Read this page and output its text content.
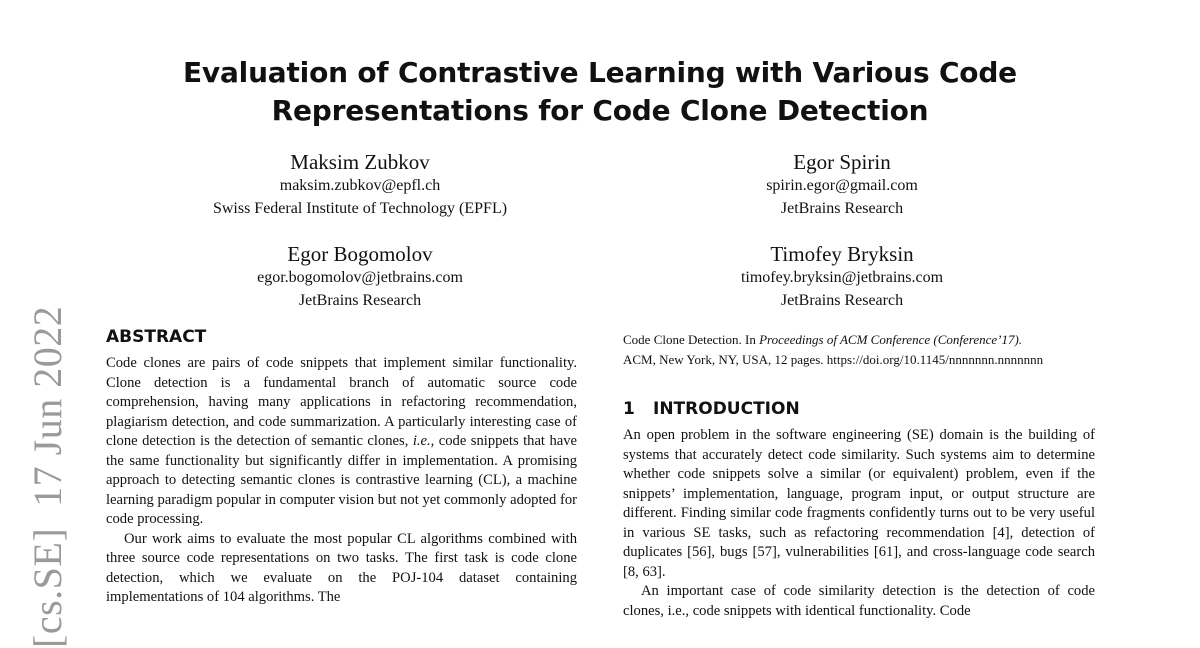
Evaluation of Contrastive Learning with Various Code
Representations for Code Clone Detection
Maksim Zubkov
maksim.zubkov@epfl.ch
Swiss Federal Institute of Technology (EPFL)
Egor Spirin
spirin.egor@gmail.com
JetBrains Research
Egor Bogomolov
egor.bogomolov@jetbrains.com
JetBrains Research
Timofey Bryksin
timofey.bryksin@jetbrains.com
JetBrains Research
[cs.SE]  17 Jun 2022 ABSTRACT

Code clones are pairs of code snippets that implement similar functionality. Clone detection is a fundamental branch of automatic source code comprehension, having many applications in refactoring recommendation, plagiarism detection, and code summarization. A particularly interesting case of clone detection is the detection of semantic clones, i.e., code snippets that have the same functionality but significantly differ in implementation. A promising approach to detecting semantic clones is contrastive learning (CL), a machine learning paradigm popular in computer vision but not yet commonly adopted for code processing.

Our work aims to evaluate the most popular CL algorithms combined with three source code representations on two tasks. The first task is code clone detection, which we evaluate on the POJ-104 dataset containing implementations of 104 algorithms. The

Code Clone Detection. In Proceedings of ACM Conference (Conference’17).
ACM, New York, NY, USA, 12 pages. https://doi.org/10.1145/nnnnnnn.nnnnnnn

1 INTRODUCTION

An open problem in the software engineering (SE) domain is the building of systems that accurately detect code similarity. Such systems aim to determine whether code snippets solve a similar (or equivalent) problem, even if the snippets’ implementation, language, program input, or output structure are different. Finding similar code fragments confidently turns out to be very useful in various SE tasks, such as refactoring recommendation [4], detection of duplicates [56], bugs [57], vulnerabilities [61], and cross-language code search [8, 63].

An important case of code similarity detection is the detection of code clones, i.e., code snippets with identical functionality. Code
